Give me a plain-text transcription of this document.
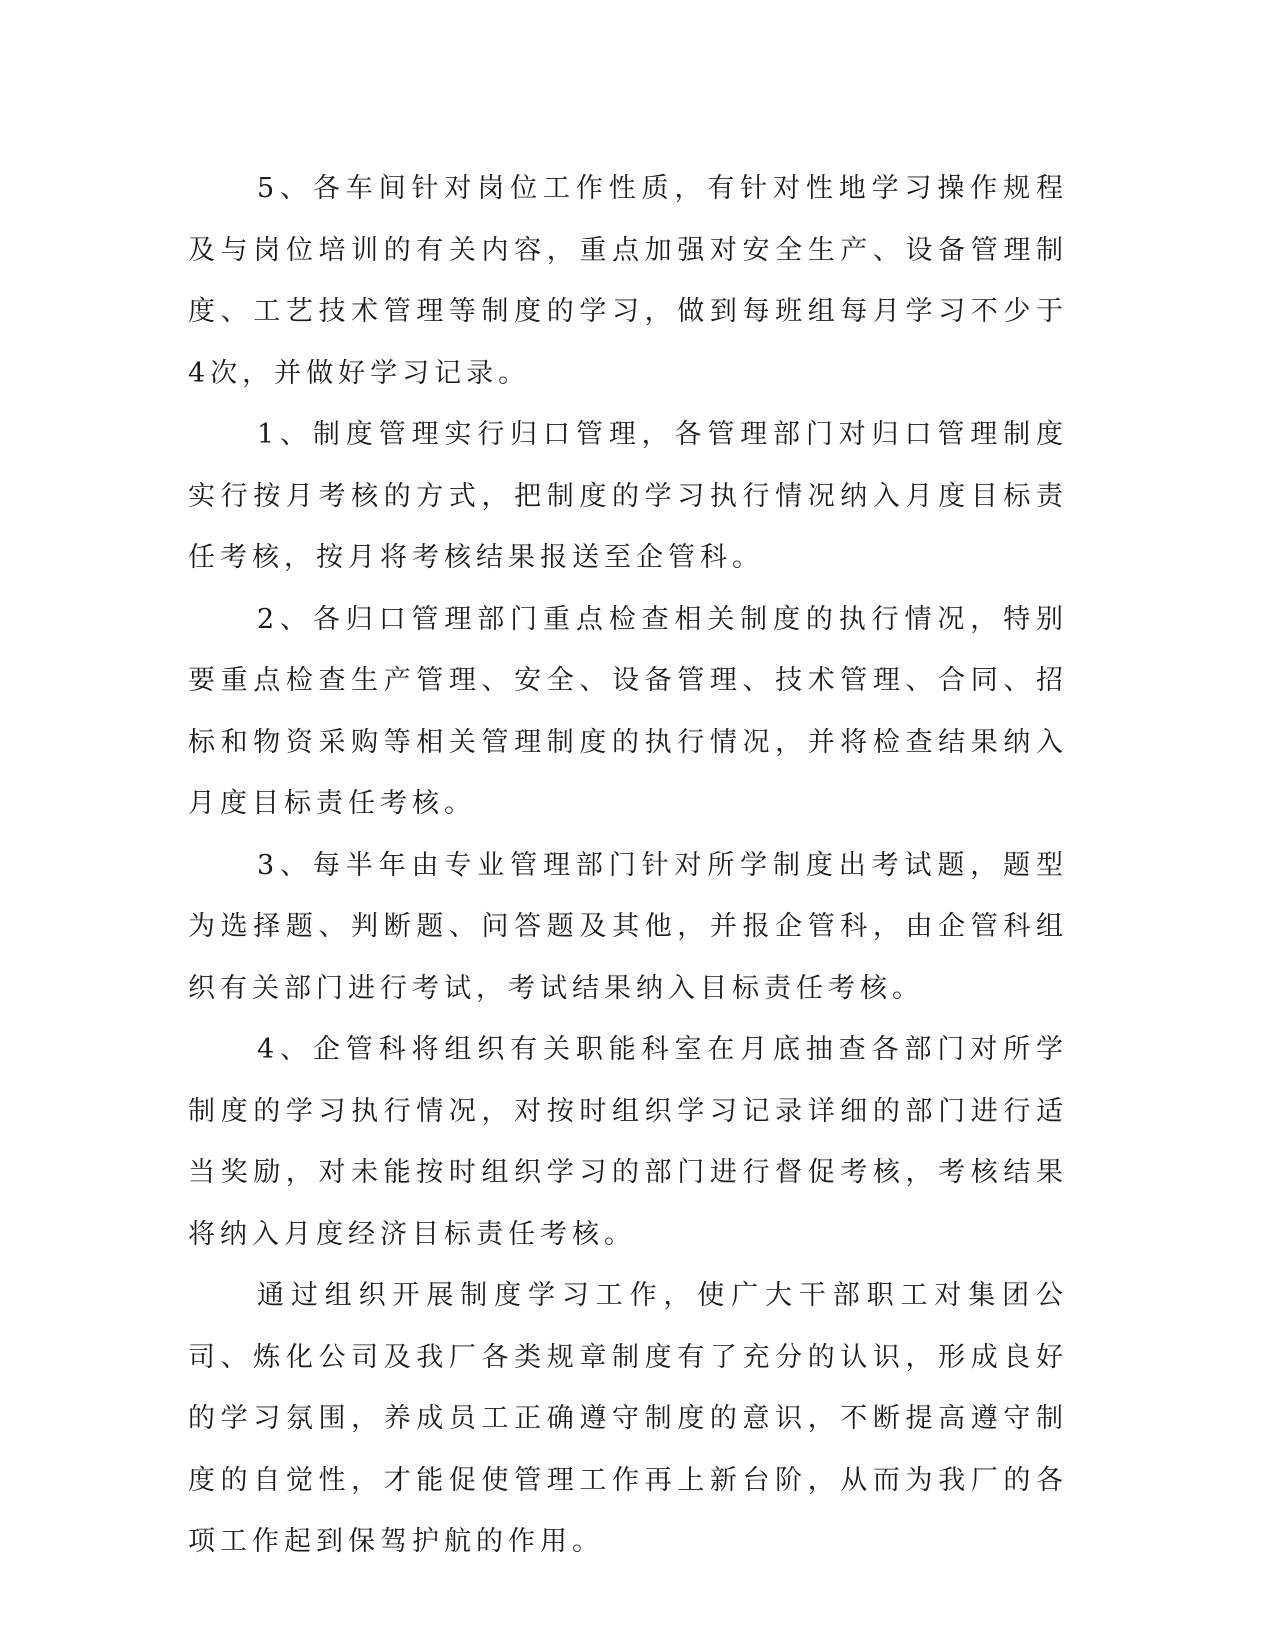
5、各车间针对岗位工作性质，有针对性地学习操作规程及与岗位培训的有关内容，重点加强对安全生产、设备管理制度、工艺技术管理等制度的学习，做到每班组每月学习不少于4次，并做好学习记录。

1、制度管理实行归口管理，各管理部门对归口管理制度实行按月考核的方式，把制度的学习执行情况纳入月度目标责任考核，按月将考核结果报送至企管科。

2、各归口管理部门重点检查相关制度的执行情况，特别要重点检查生产管理、安全、设备管理、技术管理、合同、招标和物资采购等相关管理制度的执行情况，并将检查结果纳入月度目标责任考核。

3、每半年由专业管理部门针对所学制度出考试题，题型为选择题、判断题、问答题及其他，并报企管科，由企管科组织有关部门进行考试，考试结果纳入目标责任考核。

4、企管科将组织有关职能科室在月底抽查各部门对所学制度的学习执行情况，对按时组织学习记录详细的部门进行适当奖励，对未能按时组织学习的部门进行督促考核，考核结果将纳入月度经济目标责任考核。

通过组织开展制度学习工作，使广大干部职工对集团公司、炼化公司及我厂各类规章制度有了充分的认识，形成良好的学习氛围，养成员工正确遵守制度的意识，不断提高遵守制度的自觉性，才能促使管理工作再上新台阶，从而为我厂的各项工作起到保驾护航的作用。
